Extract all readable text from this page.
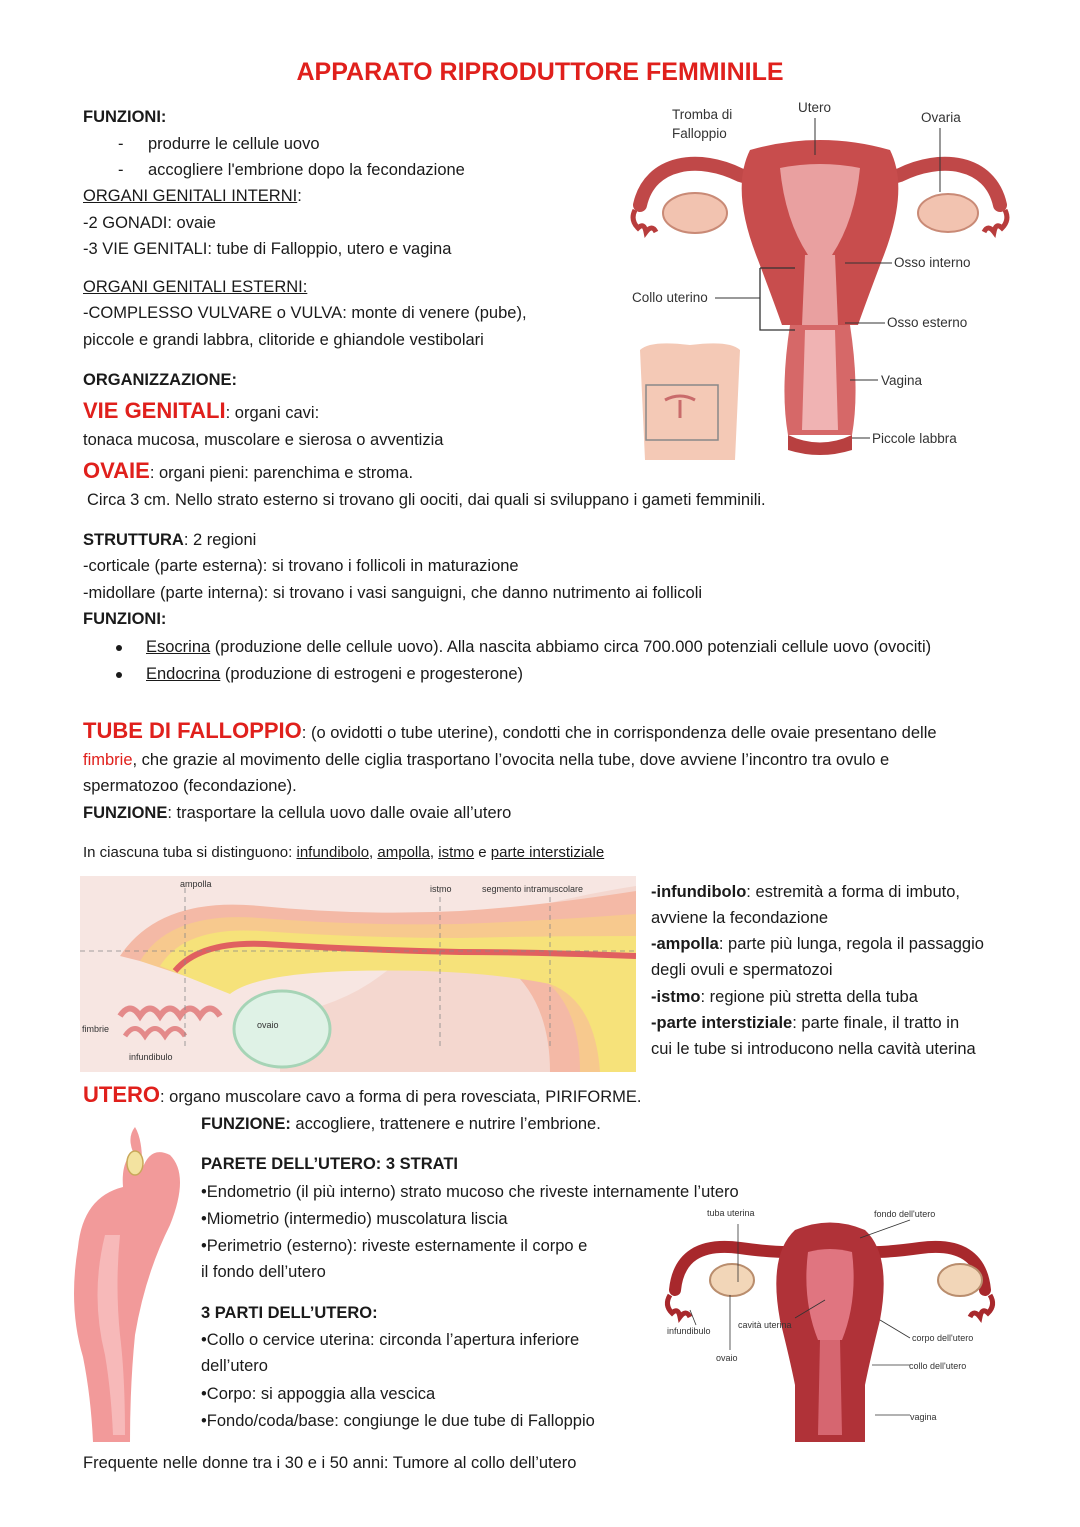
APPARATO RIPRODUTTORE FEMMINILE
FUNZIONI:
- produrre le cellule uovo
- accogliere l'embrione dopo la fecondazione
ORGANI GENITALI INTERNI:
-2 GONADI: ovaie
-3 VIE GENITALI: tube di Falloppio, utero e vagina
ORGANI GENITALI ESTERNI:
-COMPLESSO VULVARE o VULVA: monte di venere (pube),
piccole e grandi labbra, clitoride e ghiandole vestibolari
ORGANIZZAZIONE:
VIE GENITALI: organi cavi:
tonaca mucosa, muscolare e sierosa o avventizia
OVAIE: organi pieni: parenchima e stroma.
Circa 3 cm. Nello strato esterno si trovano gli oociti, dai quali si sviluppano i gameti femminili.
STRUTTURA: 2 regioni
-corticale (parte esterna): si trovano i follicoli in maturazione
-midollare (parte interna): si trovano i vasi sanguigni, che danno nutrimento ai follicoli
FUNZIONI:
Esocrina (produzione delle cellule uovo). Alla nascita abbiamo circa 700.000 potenziali cellule uovo (ovociti)
Endocrina (produzione di estrogeni e progesterone)
TUBE DI FALLOPPIO: (o ovidotti o tube uterine), condotti che in corrispondenza delle ovaie presentano delle
fimbrie, che grazie al movimento delle ciglia trasportano l’ovocita nella tube, dove avviene l’incontro tra ovulo e
spermatozoo (fecondazione).
FUNZIONE: trasportare la cellula uovo dalle ovaie all’utero
In ciascuna tuba si distinguono: infundibolo, ampolla, istmo e parte interstiziale
-infundibolo: estremità a forma di imbuto,
avviene la fecondazione
-ampolla: parte più lunga, regola il passaggio
degli ovuli e spermatozoi
-istmo: regione più stretta della tuba
-parte interstiziale: parte finale, il tratto in
cui le tube si introducono nella cavità uterina
UTERO: organo muscolare cavo a forma di pera rovesciata, PIRIFORME.
FUNZIONE: accogliere, trattenere e nutrire l’embrione.
PARETE DELL’UTERO: 3 STRATI
•Endometrio (il più interno) strato mucoso che riveste internamente l’utero
•Miometrio (intermedio) muscolatura liscia
•Perimetrio (esterno): riveste esternamente il corpo e
il fondo dell’utero
3 PARTI DELL’UTERO:
•Collo o cervice uterina: circonda l’apertura inferiore
dell’utero
•Corpo: si appoggia alla vescica
•Fondo/coda/base: congiunge le due tube di Falloppio
Frequente nelle donne tra i 30 e i 50 anni: Tumore al collo dell’utero
Tromba di
Falloppio
Utero
Ovaria
Osso interno
Collo uterino
Osso esterno
Vagina
Piccole labbra
ampolla	istmo	segmento intramuscolare
ovaio
fimbrie
infundibulo
tuba uterina	fondo dell'utero
infundibulo
cavità uterina
ovaio
corpo dell'utero
collo dell'utero
vagina
